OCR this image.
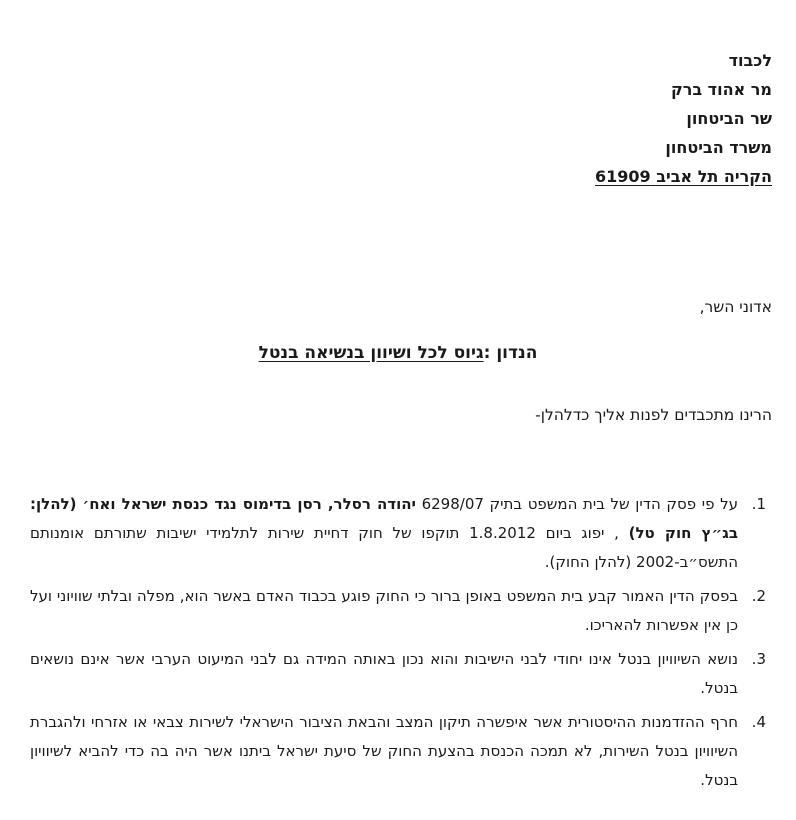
לכבוד
מר אהוד ברק
שר הביטחון
משרד הביטחון
הקריה תל אביב 61909
אדוני השר,
הנדון :גיוס לכל ושיוון בנשיאה בנטל
הרינו מתכבדים לפנות אליך כדלהלן-
1.
על פי פסק הדין של בית המשפט בתיק 6298/07 יהודה רסלר, רסן בדימוס נגד כנסת ישראל ואח׳ (להלן: בג״ץ חוק טל) , יפוג ביום 1.8.2012 תוקפו של חוק דחיית שירות לתלמידי ישיבות שתורתם אומנותם התשס״ב-2002 (להלן החוק).
2.
בפסק הדין האמור קבע בית המשפט באופן ברור כי החוק פוגע בכבוד האדם באשר הוא, מפלה ובלתי שוויוני ועל כן אין אפשרות להאריכו.
3.
נושא השיוויון בנטל אינו יחודי לבני הישיבות והוא נכון באותה המידה גם לבני המיעוט הערבי אשר אינם נושאים בנטל.
4.
חרף ההזדמנות ההיסטורית אשר איפשרה תיקון המצב והבאת הציבור הישראלי לשירות צבאי או אזרחי ולהגברת השיוויון בנטל השירות, לא תמכה הכנסת בהצעת החוק של סיעת ישראל ביתנו אשר היה בה כדי להביא לשיוויון בנטל.
